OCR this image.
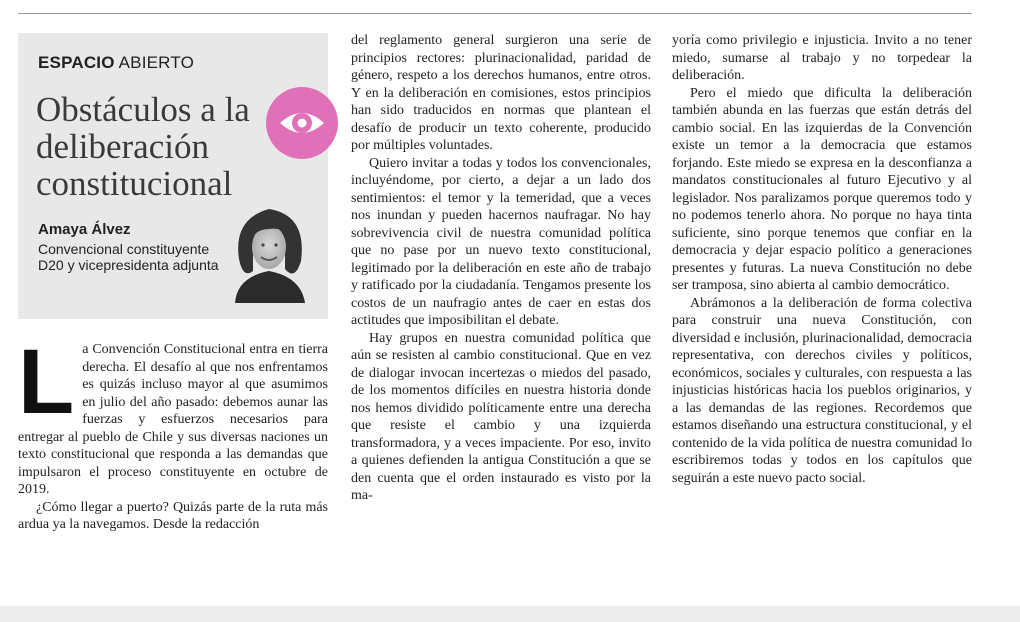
ESPACIO ABIERTO
Obstáculos a la deliberación constitucional
Amaya Álvez
Convencional constituyente D20 y vicepresidenta adjunta
L a Convención Constitucional entra en tierra derecha. El desafío al que nos enfrentamos es quizás incluso mayor al que asumimos en julio del año pasado: debemos aunar las fuerzas y esfuerzos necesarios para entregar al pueblo de Chile y sus diversas naciones un texto constitucional que responda a las demandas que impulsaron el proceso constituyente en octubre de 2019.

¿Cómo llegar a puerto? Quizás parte de la ruta más ardua ya la navegamos. Desde la redacción

del reglamento general surgieron una serie de principios rectores: plurinacionalidad, paridad de género, respeto a los derechos humanos, entre otros. Y en la deliberación en comisiones, estos principios han sido traducidos en normas que plantean el desafío de producir un texto coherente, producido por múltiples voluntades.

Quiero invitar a todas y todos los convencionales, incluyéndome, por cierto, a dejar a un lado dos sentimientos: el temor y la temeridad, que a veces nos inundan y pueden hacernos naufragar. No hay sobrevivencia civil de nuestra comunidad política que no pase por un nuevo texto constitucional, legitimado por la deliberación en este año de trabajo y ratificado por la ciudadanía. Tengamos presente los costos de un naufragio antes de caer en estas dos actitudes que imposibilitan el debate.

Hay grupos en nuestra comunidad política que aún se resisten al cambio constitucional. Que en vez de dialogar invocan incertezas o miedos del pasado, de los momentos difíciles en nuestra historia donde nos hemos dividido políticamente entre una derecha que resiste el cambio y una izquierda transformadora, y a veces impaciente. Por eso, invito a quienes defienden la antigua Constitución a que se den cuenta que el orden instaurado es visto por la ma-

yoría como privilegio e injusticia. Invito a no tener miedo, sumarse al trabajo y no torpedear la deliberación.

Pero el miedo que dificulta la deliberación también abunda en las fuerzas que están detrás del cambio social. En las izquierdas de la Convención existe un temor a la democracia que estamos forjando. Este miedo se expresa en la desconfianza a mandatos constitucionales al futuro Ejecutivo y al legislador. Nos paralizamos porque queremos todo y no podemos tenerlo ahora. No porque no haya tinta suficiente, sino porque tenemos que confiar en la democracia y dejar espacio político a generaciones presentes y futuras. La nueva Constitución no debe ser tramposa, sino abierta al cambio democrático.

Abrámonos a la deliberación de forma colectiva para construir una nueva Constitución, con diversidad e inclusión, plurinacionalidad, democracia representativa, con derechos civiles y políticos, económicos, sociales y culturales, con respuesta a las injusticias históricas hacia los pueblos originarios, y a las demandas de las regiones. Recordemos que estamos diseñando una estructura constitucional, y el contenido de la vida política de nuestra comunidad lo escribiremos todas y todos en los capítulos que seguirán a este nuevo pacto social.
